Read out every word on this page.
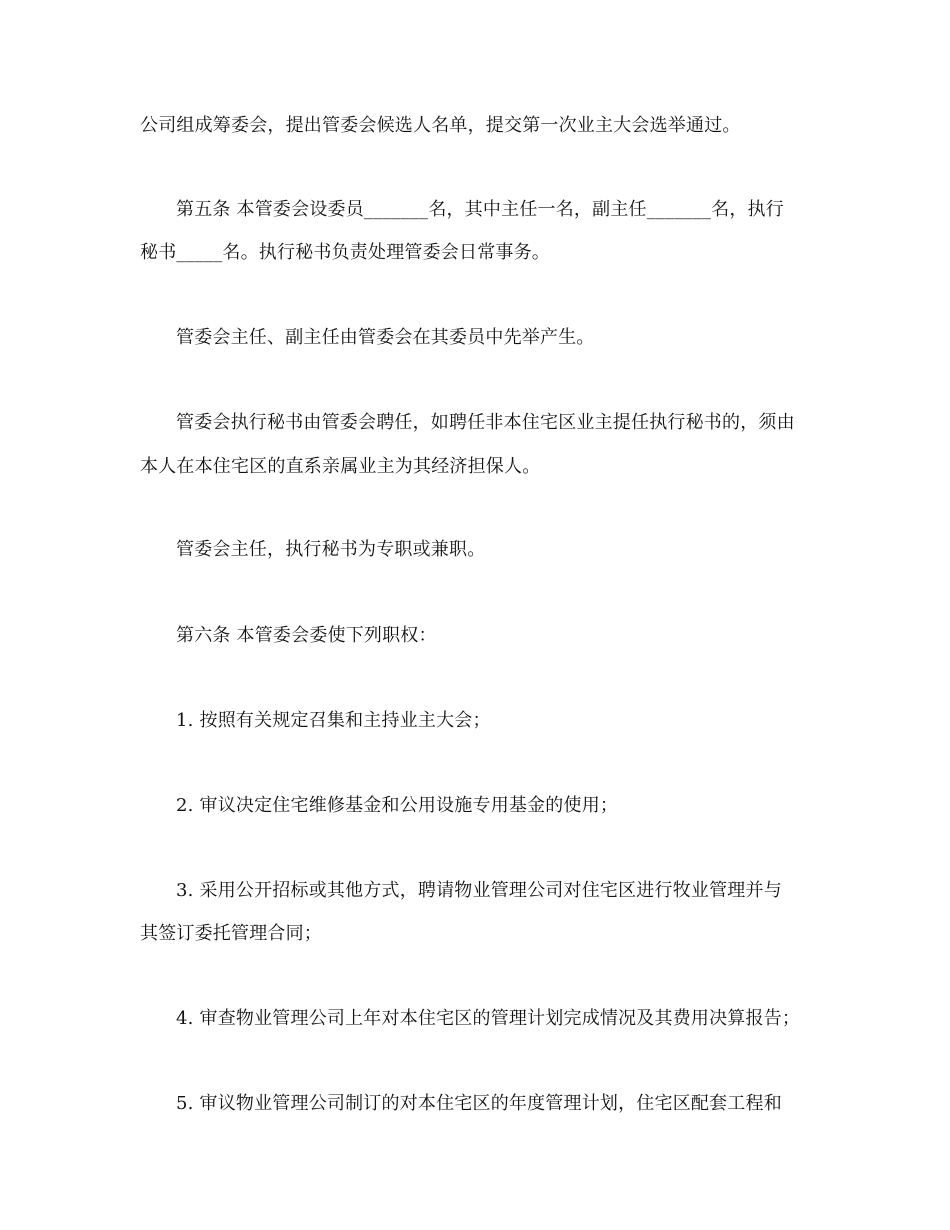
公司组成筹委会，提出管委会候选人名单，提交第一次业主大会选举通过。
第五条 本管委会设委员_______名，其中主任一名，副主任_______名，执行
秘书_____名。执行秘书负责处理管委会日常事务。
管委会主任、副主任由管委会在其委员中先举产生。
管委会执行秘书由管委会聘任，如聘任非本住宅区业主提任执行秘书的，须由
本人在本住宅区的直系亲属业主为其经济担保人。
管委会主任，执行秘书为专职或兼职。
第六条 本管委会委使下列职权：
1. 按照有关规定召集和主持业主大会；
2. 审议决定住宅维修基金和公用设施专用基金的使用；
3. 采用公开招标或其他方式，聘请物业管理公司对住宅区进行牧业管理并与
其签订委托管理合同；
4. 审查物业管理公司上年对本住宅区的管理计划完成情况及其费用决算报告；
5. 审议物业管理公司制订的对本住宅区的年度管理计划，住宅区配套工程和
